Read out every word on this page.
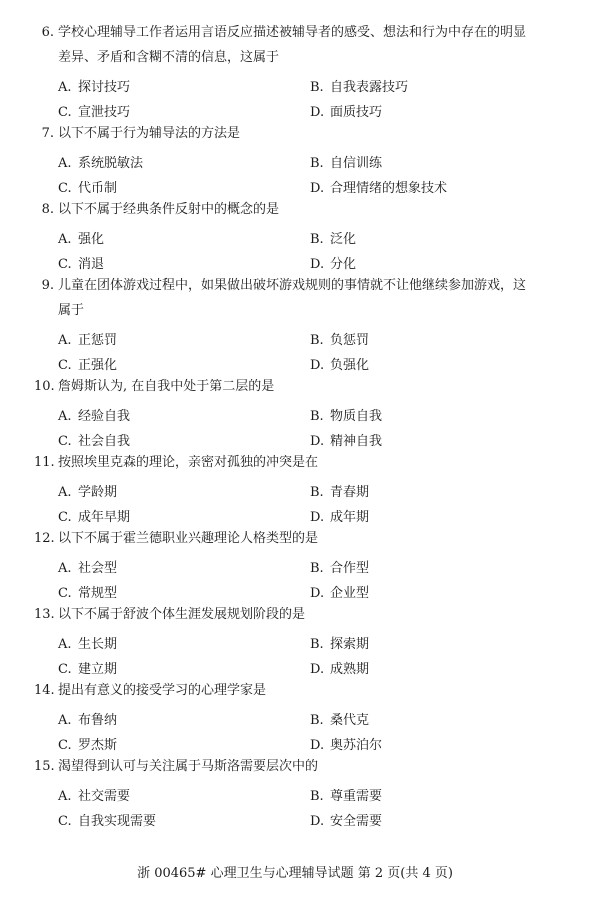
6. 学校心理辅导工作者运用言语反应描述被辅导者的感受、想法和行为中存在的明显

差异、矛盾和含糊不清的信息，这属于
A. 探讨技巧	B. 自我表露技巧
C. 宣泄技巧	D. 面质技巧

7. 以下不属于行为辅导法的方法是

A. 系统脱敏法	B. 自信训练
C. 代币制	D. 合理情绪的想象技术

8. 以下不属于经典条件反射中的概念的是

A. 强化	B. 泛化
C. 消退	D. 分化

9. 儿童在团体游戏过程中，如果做出破坏游戏规则的事情就不让他继续参加游戏，这

属于
A. 正惩罚	B. 负惩罚
C. 正强化	D. 负强化

10. 詹姆斯认为, 在自我中处于第二层的是

A. 经验自我	B. 物质自我
C. 社会自我	D. 精神自我

11. 按照埃里克森的理论，亲密对孤独的冲突是在

A. 学龄期	B. 青春期
C. 成年早期	D. 成年期

12. 以下不属于霍兰德职业兴趣理论人格类型的是

A. 社会型	B. 合作型
C. 常规型	D. 企业型

13. 以下不属于舒波个体生涯发展规划阶段的是

A. 生长期	B. 探索期
C. 建立期	D. 成熟期

14. 提出有意义的接受学习的心理学家是

A. 布鲁纳	B. 桑代克
C. 罗杰斯	D. 奥苏泊尔

15. 渴望得到认可与关注属于马斯洛需要层次中的

A. 社交需要	B. 尊重需要
C. 自我实现需要	D. 安全需要
浙 00465# 心理卫生与心理辅导试题 第 2 页(共 4 页)
